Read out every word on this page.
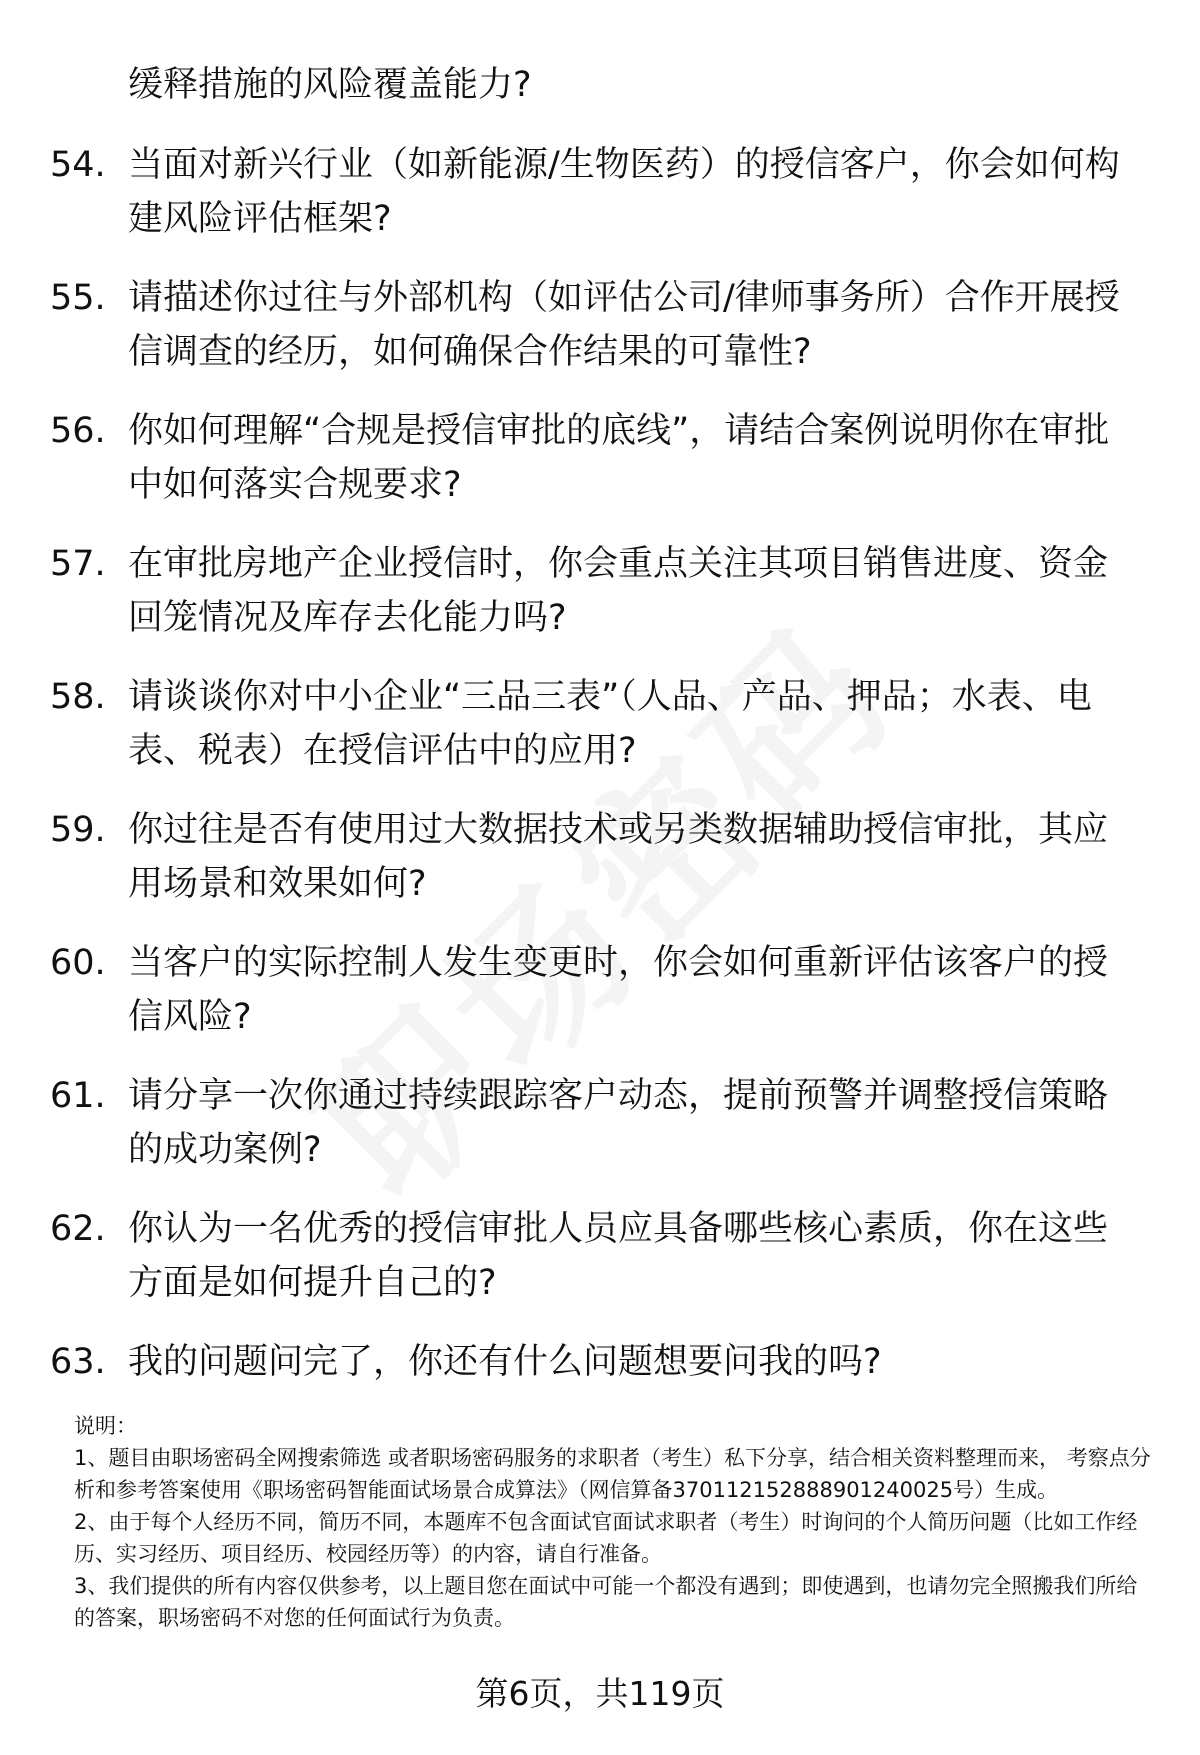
缓释措施的风险覆盖能力?
54. 当面对新兴行业（如新能源/生物医药）的授信客户，你会如何构建风险评估框架?
55. 请描述你过往与外部机构（如评估公司/律师事务所）合作开展授信调查的经历，如何确保合作结果的可靠性?
56. 你如何理解“合规是授信审批的底线”，请结合案例说明你在审批中如何落实合规要求?
57. 在审批房地产企业授信时，你会重点关注其项目销售进度、资金回笼情况及库存去化能力吗?
58. 请谈谈你对中小企业“三品三表”（人品、产品、押品；水表、电表、税表）在授信评估中的应用?
59. 你过往是否有使用过大数据技术或另类数据辅助授信审批，其应用场景和效果如何?
60. 当客户的实际控制人发生变更时，你会如何重新评估该客户的授信风险?
61. 请分享一次你通过持续跟踪客户动态，提前预警并调整授信策略的成功案例?
62. 你认为一名优秀的授信审批人员应具备哪些核心素质，你在这些方面是如何提升自己的?
63. 我的问题问完了，你还有什么问题想要问我的吗?

说明：

1、题目由职场密码全网搜索筛选 或者职场密码服务的求职者（考生）私下分享，结合相关资料整理而来， 考察点分析和参考答案使用《职场密码智能面试场景合成算法》（网信算备370112152888901240025号）生成。

2、由于每个人经历不同，简历不同，本题库不包含面试官面试求职者（考生）时询问的个人简历问题（比如工作经历、实习经历、项目经历、校园经历等）的内容，请自行准备。

3、我们提供的所有内容仅供参考，以上题目您在面试中可能一个都没有遇到；即使遇到，也请勿完全照搬我们所给的答案，职场密码不对您的任何面试行为负责。

第6页，共119页
